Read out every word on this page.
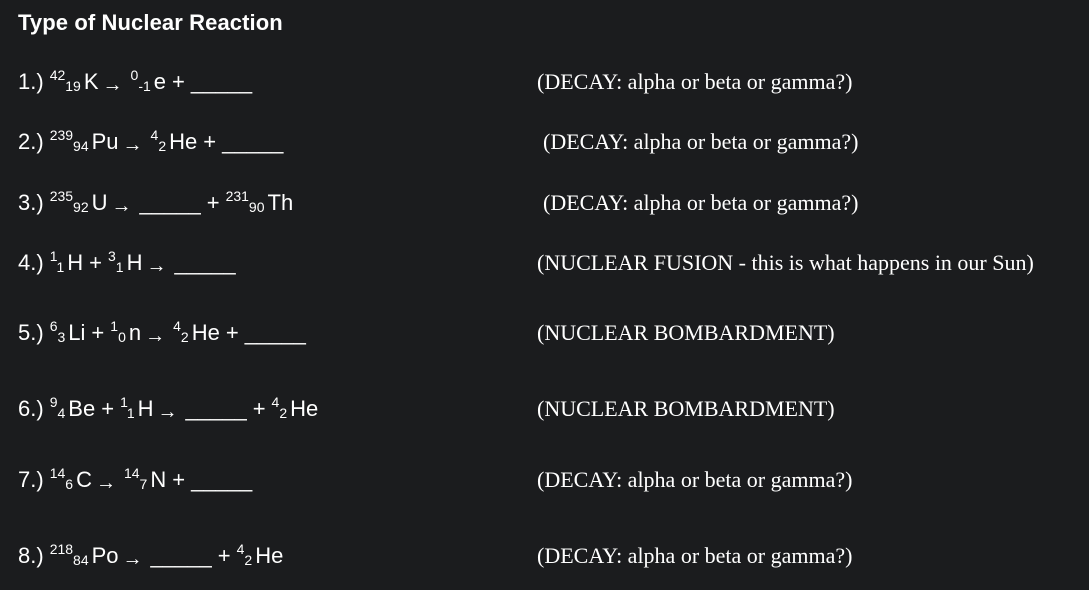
Type of Nuclear Reaction
1.) $^{42}$19 K → $^0$-1 e + _____	(DECAY: alpha or beta or gamma?)
2.) $^{239}$94 Pu → $^4$2 He + _____	(DECAY: alpha or beta or gamma?)
3.) $^{235}$92 U → _____ + $^{231}$90 Th	(DECAY: alpha or beta or gamma?)
4.) $^1$1 H + $^3$1 H → _____	(NUCLEAR FUSION - this is what happens in our Sun)
5.) $^6$3 Li + $^1$0 n → $^4$2 He + _____	(NUCLEAR BOMBARDMENT)
6.) $^9$4 Be + $^1$1 H → _____ + $^4$2 He	(NUCLEAR BOMBARDMENT)
7.) $^{14}$6 C → $^{14}$7 N + _____	(DECAY: alpha or beta or gamma?)
8.) $^{218}$84 Po → _____ + $^4$2 He	(DECAY: alpha or beta or gamma?)
